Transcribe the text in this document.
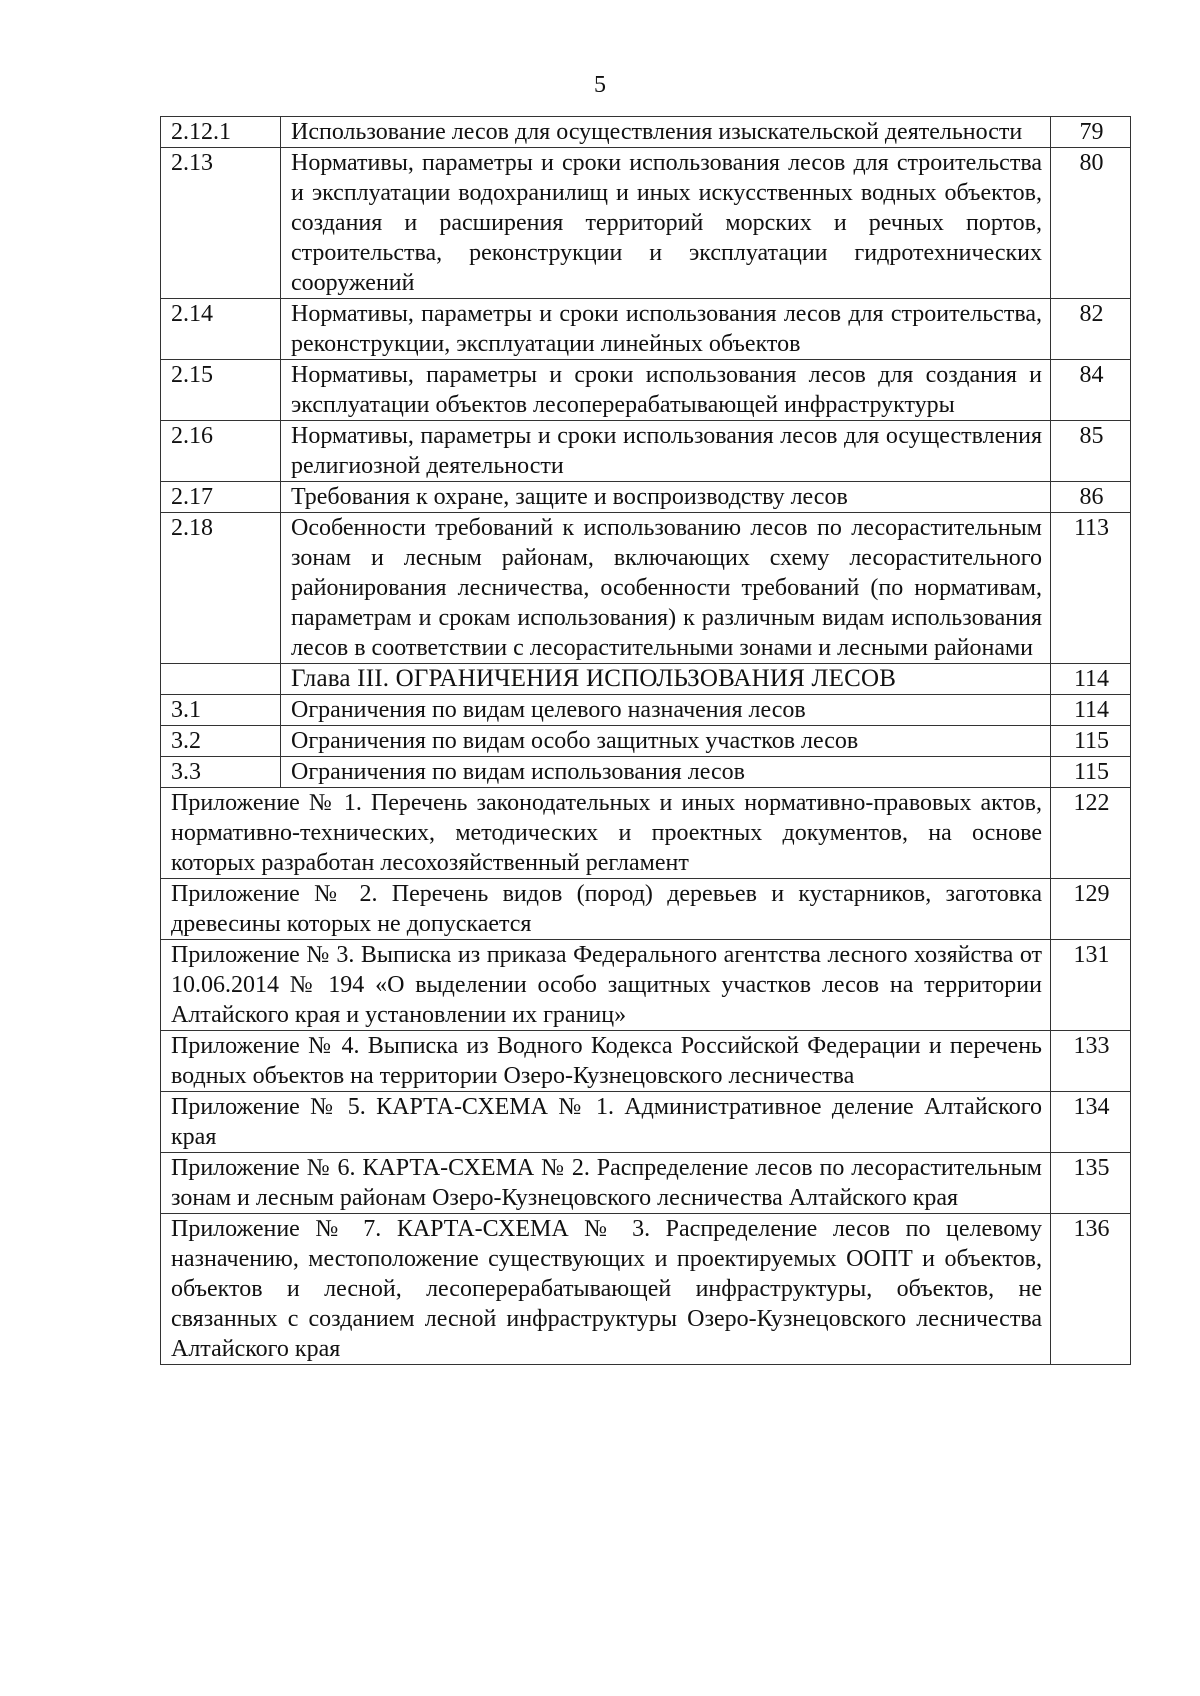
5
2.12.1	Использование лесов для осуществления изыскательской деятельности	79
2.13	Нормативы, параметры и сроки использования лесов для строительства и эксплуатации водохранилищ и иных искусственных водных объектов, создания и расширения территорий морских и речных портов, строительства, реконструкции и эксплуатации гидротехнических сооружений	80
2.14	Нормативы, параметры и сроки использования лесов для строительства, реконструкции, эксплуатации линейных объектов	82
2.15	Нормативы, параметры и сроки использования лесов для создания и эксплуатации объектов лесоперерабатывающей инфраструктуры	84
2.16	Нормативы, параметры и сроки использования лесов для осуществления религиозной деятельности	85
2.17	Требования к охране, защите и воспроизводству лесов	86
2.18	Особенности требований к использованию лесов по лесорастительным зонам и лесным районам, включающих схему лесорастительного районирования лесничества, особенности требований (по нормативам, параметрам и срокам использования) к различным видам использования лесов в соответствии с лесорастительными зонами и лесными районами	113
	Глава III. ОГРАНИЧЕНИЯ ИСПОЛЬЗОВАНИЯ ЛЕСОВ	114
3.1	Ограничения по видам целевого назначения лесов	114
3.2	Ограничения по видам особо защитных участков лесов	115
3.3	Ограничения по видам использования лесов	115
Приложение № 1. Перечень законодательных и иных нормативно-правовых актов, нормативно-технических, методических и проектных документов, на основе которых разработан лесохозяйственный регламент		122
Приложение № 2. Перечень видов (пород) деревьев и кустарников, заготовка древесины которых не допускается		129
Приложение № 3. Выписка из приказа Федерального агентства лесного хозяйства от 10.06.2014 № 194 «О выделении особо защитных участков лесов на территории Алтайского края и установлении их границ»		131
Приложение № 4. Выписка из Водного Кодекса Российской Федерации и перечень водных объектов на территории Озеро-Кузнецовского лесничества		133
Приложение № 5. КАРТА-СХЕМА № 1. Административное деление Алтайского края		134
Приложение № 6. КАРТА-СХЕМА № 2. Распределение лесов по лесорастительным зонам и лесным районам Озеро-Кузнецовского лесничества Алтайского края		135
Приложение № 7. КАРТА-СХЕМА № 3. Распределение лесов по целевому назначению, местоположение существующих и проектируемых ООПТ и объектов, объектов и лесной, лесоперерабатывающей инфраструктуры, объектов, не связанных с созданием лесной инфраструктуры Озеро-Кузнецовского лесничества Алтайского края		136
